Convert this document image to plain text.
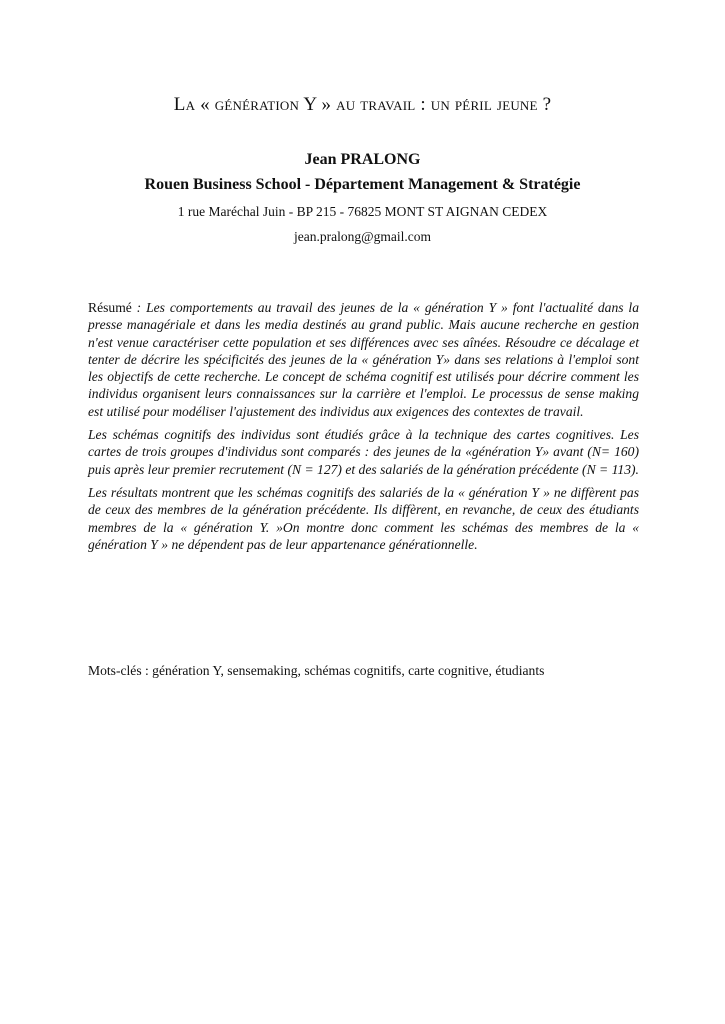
La « génération Y » au travail : un péril jeune ?

Jean PRALONG

Rouen Business School - Département Management & Stratégie

1 rue Maréchal Juin - BP 215 - 76825 MONT ST AIGNAN CEDEX

jean.pralong@gmail.com

Résumé : Les comportements au travail des jeunes de la « génération Y » font l'actualité dans la presse managériale et dans les media destinés au grand public. Mais aucune recherche en gestion n'est venue caractériser cette population et ses différences avec ses aînées. Résoudre ce décalage et tenter de décrire les spécificités des jeunes de la « génération Y» dans ses relations à l'emploi sont les objectifs de cette recherche. Le concept de schéma cognitif est utilisés pour décrire comment les individus organisent leurs connaissances sur la carrière et l'emploi. Le processus de sense making est utilisé pour modéliser l'ajustement des individus aux exigences des contextes de travail.

Les schémas cognitifs des individus sont étudiés grâce à la technique des cartes cognitives. Les cartes de trois groupes d'individus sont comparés : des jeunes de la «génération Y» avant (N= 160) puis après leur premier recrutement (N = 127) et des salariés de la génération précédente (N = 113).

Les résultats montrent que les schémas cognitifs des salariés de la « génération Y » ne diffèrent pas de ceux des membres de la génération précédente. Ils diffèrent, en revanche, de ceux des étudiants membres de la « génération Y. »On montre donc comment les schémas des membres de la « génération Y » ne dépendent pas de leur appartenance générationnelle.

Mots-clés : génération Y, sensemaking, schémas cognitifs, carte cognitive, étudiants
